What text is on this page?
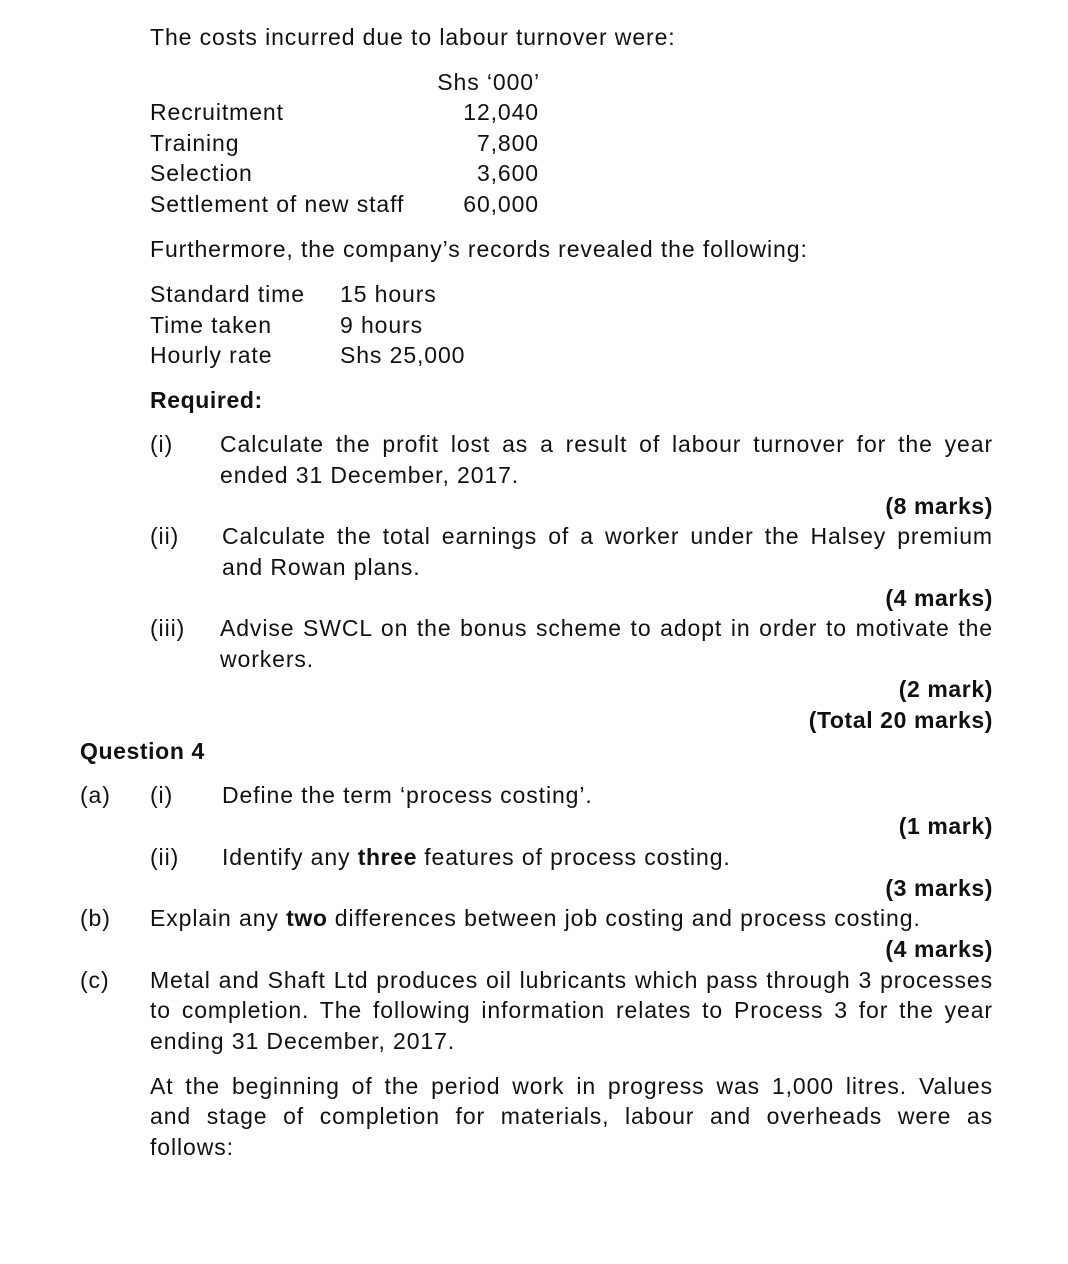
The costs incurred due to labour turnover were:
Shs ‘000’
Recruitment	12,040
Training	7,800
Selection	3,600
Settlement of new staff	60,000
Furthermore, the company’s records revealed the following:
Standard time 15 hours
Time taken	9 hours
Hourly rate	Shs 25,000
Required:
(i) Calculate the profit lost as a result of labour turnover for the year
ended 31 December, 2017.
(8 marks)
(ii) Calculate the total earnings of a worker under the Halsey premium
and Rowan plans.
(4 marks)
(iii) Advise SWCL on the bonus scheme to adopt in order to motivate the
workers.
(2 mark)
(Total 20 marks)
Question 4
(a) (i) Define the term ‘process costing’.
(1 mark)
(ii) Identify any three features of process costing.
(3 marks)
(b) Explain any two differences between job costing and process costing.
(4 marks)
(c) Metal and Shaft Ltd produces oil lubricants which pass through 3 processes
to completion. The following information relates to Process 3 for the year
ending 31 December, 2017.
At the beginning of the period work in progress was 1,000 litres. Values
and stage of completion for materials, labour and overheads were as
follows:
